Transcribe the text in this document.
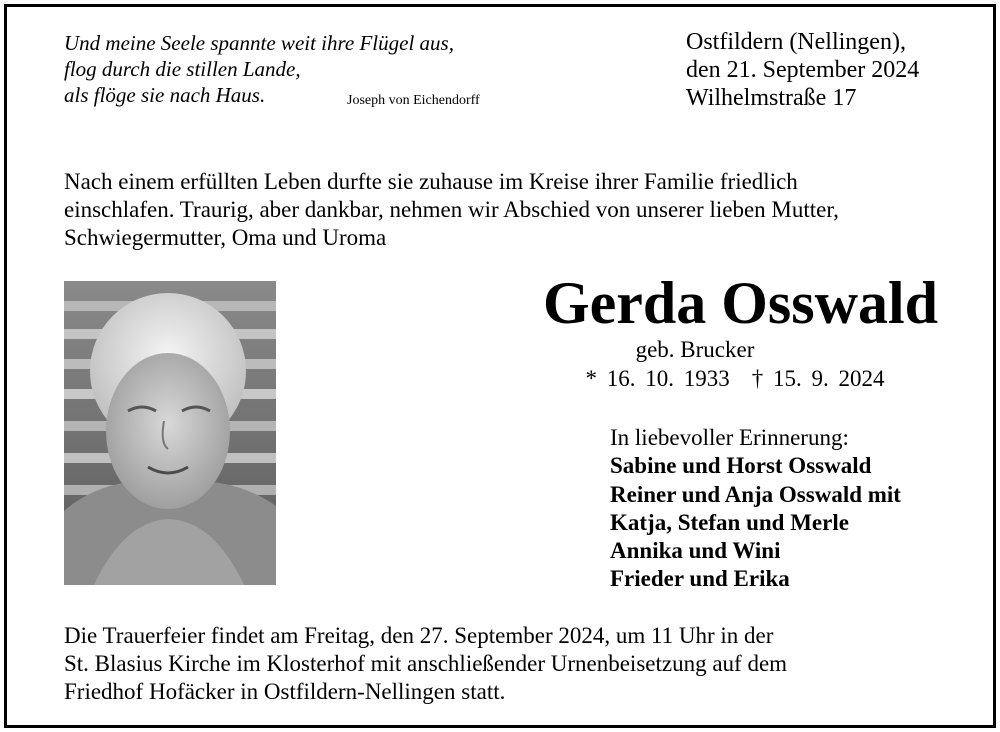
Und meine Seele spannte weit ihre Flügel aus,
flog durch die stillen Lande,
als flöge sie nach Haus.	Joseph von Eichendorff
Ostfildern (Nellingen),
den 21. September 2024
Wilhelmstraße 17
Nach einem erfüllten Leben durfte sie zuhause im Kreise ihrer Familie friedlich
einschlafen. Traurig, aber dankbar, nehmen wir Abschied von unserer lieben Mutter,
Schwiegermutter, Oma und Uroma
Gerda Osswald
geb. Brucker
* 16. 10. 1933 † 15. 9. 2024
In liebevoller Erinnerung:
Sabine und Horst Osswald
Reiner und Anja Osswald mit
Katja, Stefan und Merle
Annika und Wini
Frieder und Erika
Die Trauerfeier findet am Freitag, den 27. September 2024, um 11 Uhr in der
St. Blasius Kirche im Klosterhof mit anschließender Urnenbeisetzung auf dem
Friedhof Hofäcker in Ostfildern-Nellingen statt.
